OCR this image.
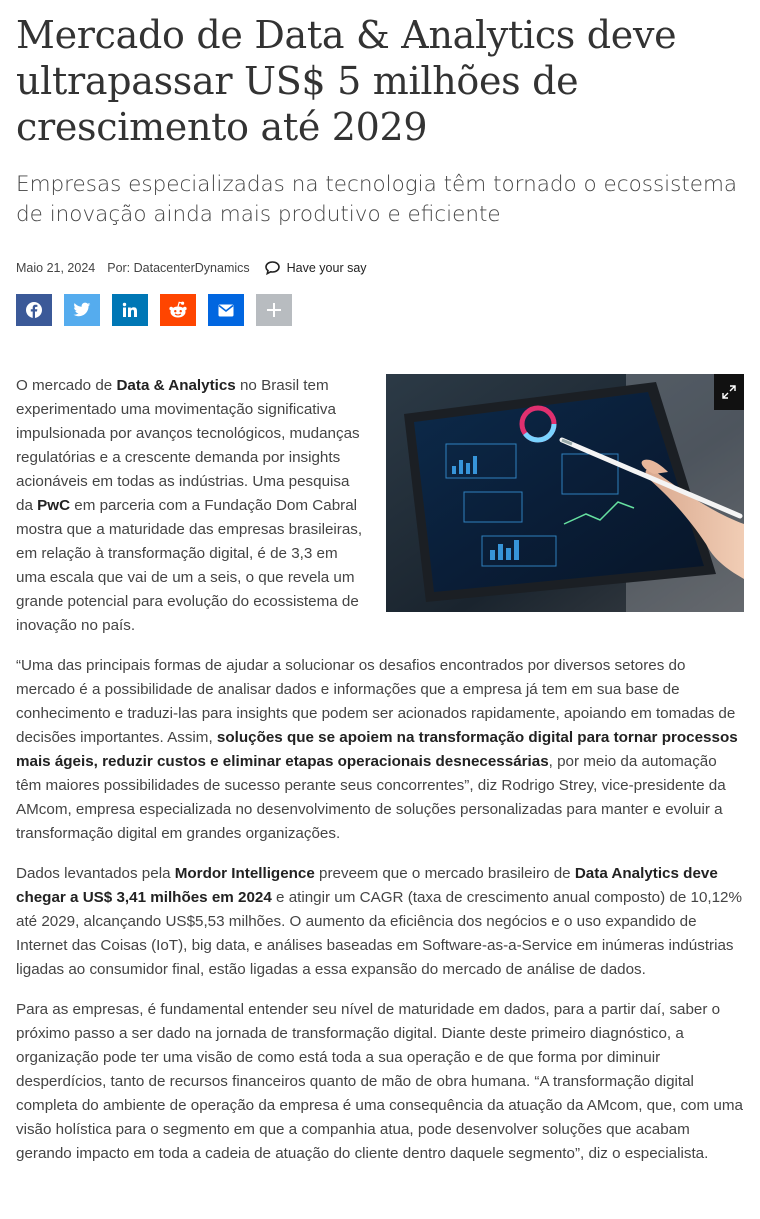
Mercado de Data & Analytics deve ultrapassar US$ 5 milhões de crescimento até 2029

Empresas especializadas na tecnologia têm tornado o ecossistema de inovação ainda mais produtivo e eficiente

Maio 21, 2024 Por: DatacenterDynamics	Have your say

O mercado de Data & Analytics no Brasil tem experimentado uma movimentação significativa impulsionada por avanços tecnológicos, mudanças regulatórias e a crescente demanda por insights acionáveis em todas as indústrias. Uma pesquisa da PwC em parceria com a Fundação Dom Cabral mostra que a maturidade das empresas brasileiras, em relação à transformação digital, é de 3,3 em uma escala que vai de um a seis, o que revela um grande potencial para evolução do ecossistema de inovação no país.

“Uma das principais formas de ajudar a solucionar os desafios encontrados por diversos setores do mercado é a possibilidade de analisar dados e informações que a empresa já tem em sua base de conhecimento e traduzi-las para insights que podem ser acionados rapidamente, apoiando em tomadas de decisões importantes. Assim, soluções que se apoiem na transformação digital para tornar processos mais ágeis, reduzir custos e eliminar etapas operacionais desnecessárias, por meio da automação têm maiores possibilidades de sucesso perante seus concorrentes”, diz Rodrigo Strey, vice-presidente da AMcom, empresa especializada no desenvolvimento de soluções personalizadas para manter e evoluir a transformação digital em grandes organizações.

Dados levantados pela Mordor Intelligence preveem que o mercado brasileiro de Data Analytics deve chegar a US$ 3,41 milhões em 2024 e atingir um CAGR (taxa de crescimento anual composto) de 10,12% até 2029, alcançando US$5,53 milhões. O aumento da eficiência dos negócios e o uso expandido de Internet das Coisas (IoT), big data, e análises baseadas em Software-as-a-Service em inúmeras indústrias ligadas ao consumidor final, estão ligadas a essa expansão do mercado de análise de dados.

Para as empresas, é fundamental entender seu nível de maturidade em dados, para a partir daí, saber o próximo passo a ser dado na jornada de transformação digital. Diante deste primeiro diagnóstico, a organização pode ter uma visão de como está toda a sua operação e de que forma por diminuir desperdícios, tanto de recursos financeiros quanto de mão de obra humana. “A transformação digital completa do ambiente de operação da empresa é uma consequência da atuação da AMcom, que, com uma visão holística para o segmento em que a companhia atua, pode desenvolver soluções que acabam gerando impacto em toda a cadeia de atuação do cliente dentro daquele segmento”, diz o especialista.
